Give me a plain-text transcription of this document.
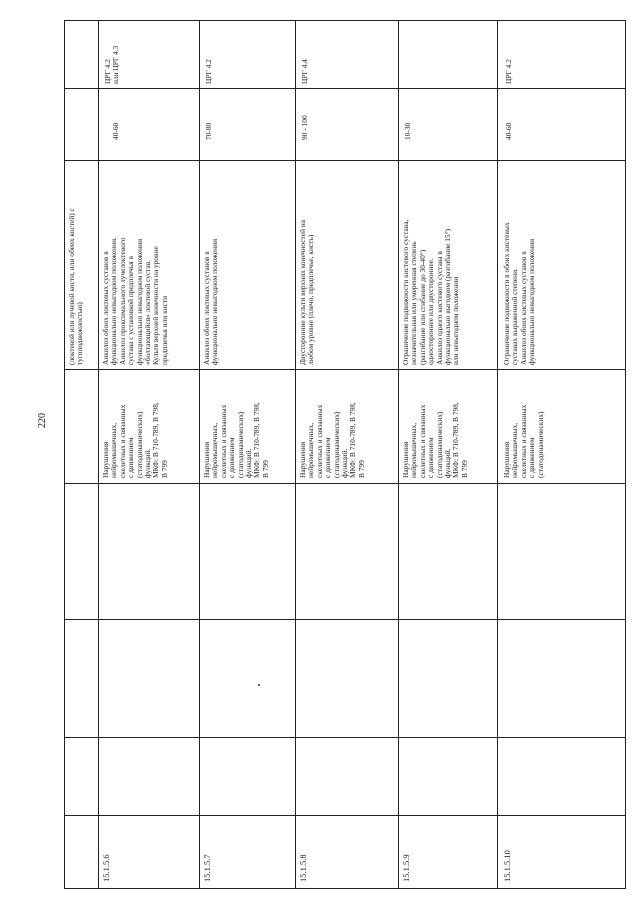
220
(локтевой или лучевой кости, или обеих костей) с тугоподвижностью)
15.1.5.6
Нарушения
нейромышечных,
скелетных и связанных
с движением
(статодинамических)
функций.
МКФ: В 710-789, В 798,
В 799
Анкилоз обоих локтевых суставов в
функционально невыгодном положении.
Анкилоз проксимального лучелоктевого
сустава с установкой предплечья в
функционально невыгодном положении
«болтающийся» локтевой сустав.
Культя верхней конечности на уровне
предплечья или кисти
40-60
ЦРГ 4.2
или ЦРГ 4.3
15.1.5.7
Нарушения
нейромышечных,
скелетных и связанных
с движением
(статодинамических)
функций.
МКФ: В 710-789, В 798,
В 799
Анкилоз обоих локтевых суставов в
функционально невыгодном положении
70-80
ЦРГ 4.2
15.1.5.8
Нарушения
нейромышечных,
скелетных и связанных
с движением
(статодинамических)
функций.
МКФ: В 710-789, В 798,
В 799
Двусторонние культи верхних конечностей на
любом уровне (плечо, предплечье, кисть)
90 - 100
ЦРГ 4.4
15.1.5.9
Нарушения
нейромышечных,
скелетных и связанных
с движением
(статодинамических)
функций.
МКФ: В 710-789, В 798,
В 799
Ограничение подвижности кистевого сустава,
незначительная или умеренная степень
(разгибание или сгибание до 30-40°)
одностороннее или двустороннее.
Анкилоз одного кистевого сустава в
функционально выгодном (разгибание 15°)
или невыгодном положении
10-30
15.1.5.10
Нарушения
нейромышечных,
скелетных и связанных
с движением
(статодинамических)
Ограничение подвижности в обоих кистевых
суставах выраженной степени.
Анкилоз обоих кистевых суставов в
функционально невыгодном положении
40-60
ЦРГ 4.2
